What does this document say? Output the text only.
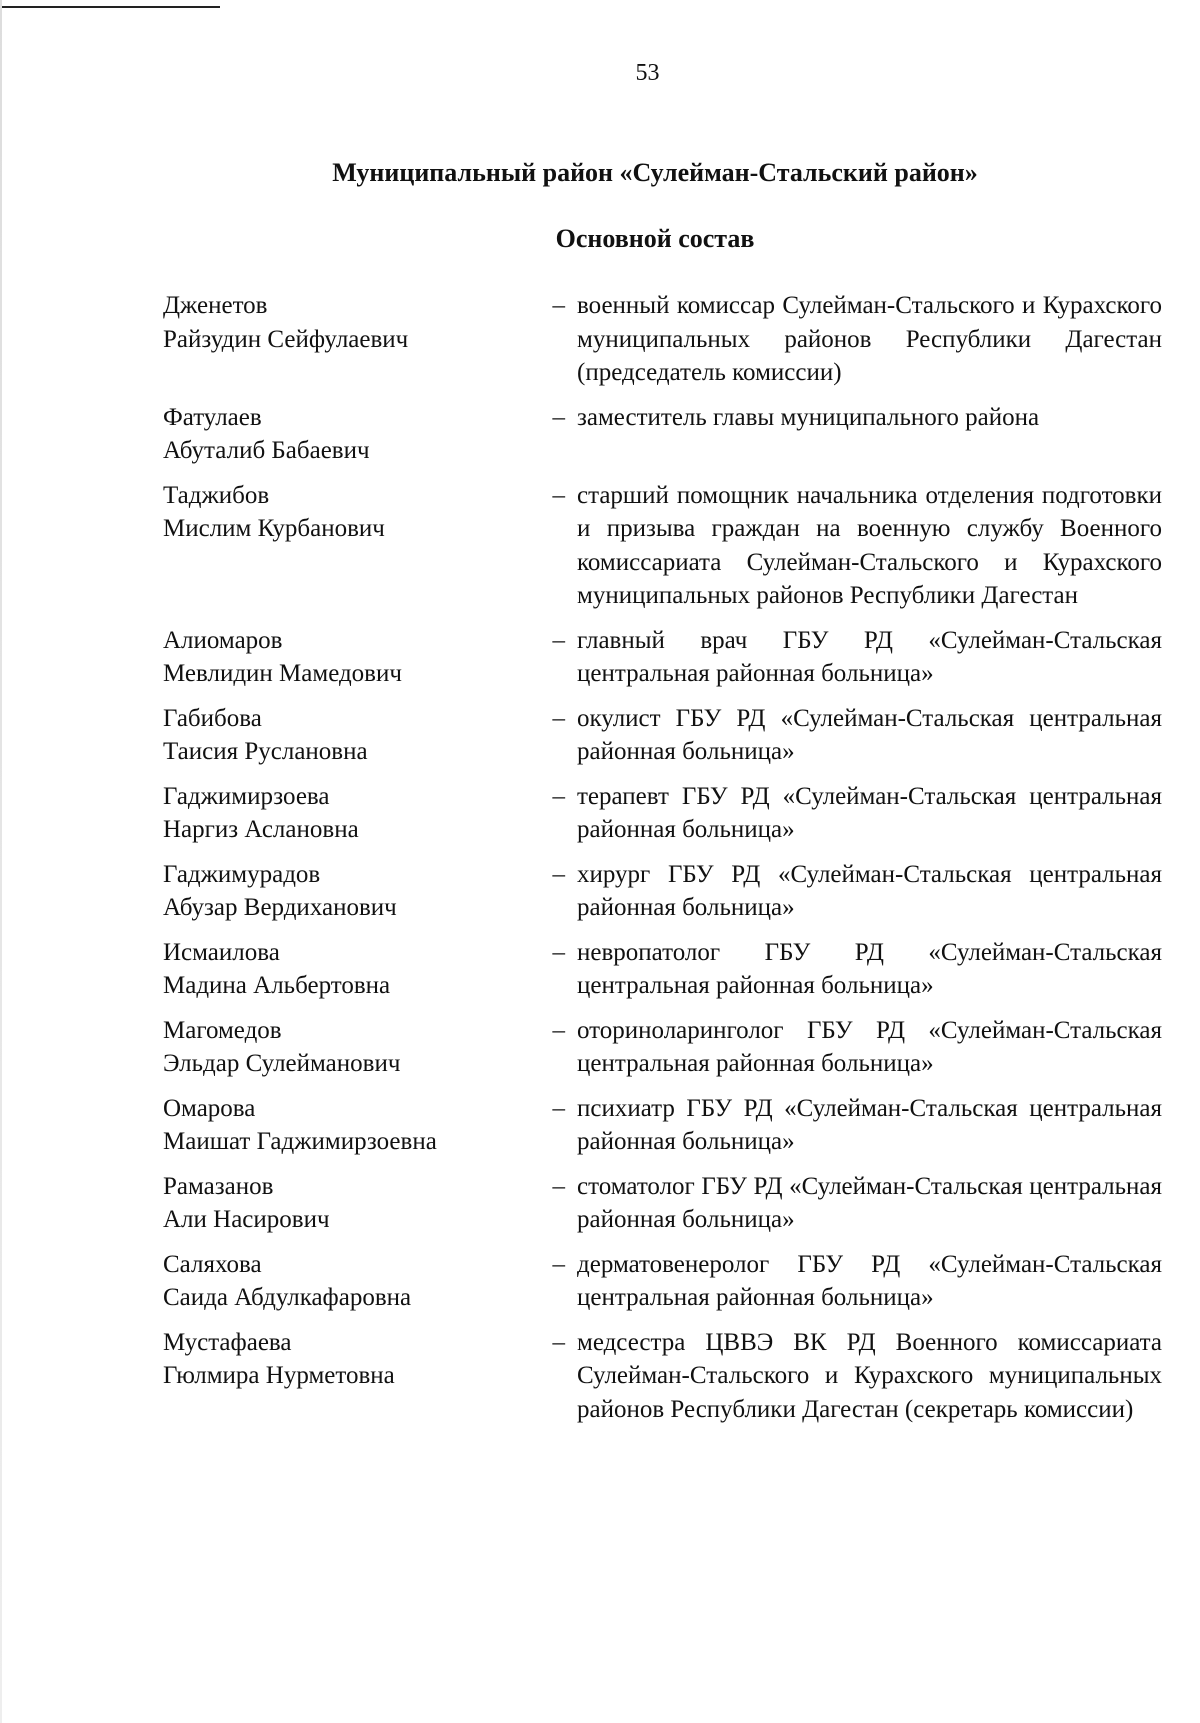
53
Муниципальный район «Сулейман-Стальский район»
Основной состав
Дженетов
Райзудин Сейфулаевич
– военный комиссар Сулейман-Стальского и Курахского муниципальных районов Республики Дагестан (председатель комиссии)
Фатулаев
Абуталиб Бабаевич
– заместитель главы муниципального района
Таджибов
Мислим Курбанович
– старший помощник начальника отделения подготовки и призыва граждан на военную службу Военного комиссариата Сулейман-Стальского и Курахского муниципальных районов Республики Дагестан
Алиомаров
Мевлидин Мамедович
– главный врач ГБУ РД «Сулейман-Стальская центральная районная больница»
Габибова
Таисия Руслановна
– окулист ГБУ РД «Сулейман-Стальская центральная районная больница»
Гаджимирзоева
Наргиз Аслановна
– терапевт ГБУ РД «Сулейман-Стальская центральная районная больница»
Гаджимурадов
Абузар Вердиханович
– хирург ГБУ РД «Сулейман-Стальская центральная районная больница»
Исмаилова
Мадина Альбертовна
– невропатолог ГБУ РД «Сулейман-Стальская центральная районная больница»
Магомедов
Эльдар Сулейманович
– оториноларинголог ГБУ РД «Сулейман-Стальская центральная районная больница»
Омарова
Маишат Гаджимирзоевна
– психиатр ГБУ РД «Сулейман-Стальская центральная районная больница»
Рамазанов
Али Насирович
– стоматолог ГБУ РД «Сулейман-Стальская центральная районная больница»
Саляхова
Саида Абдулкафаровна
– дерматовенеролог ГБУ РД «Сулейман-Стальская центральная районная больница»
Мустафаева
Гюлмира Нурметовна
– медсестра ЦВВЭ ВК РД Военного комиссариата Сулейман-Стальского и Курахского муниципальных районов Республики Дагестан (секретарь комиссии)
